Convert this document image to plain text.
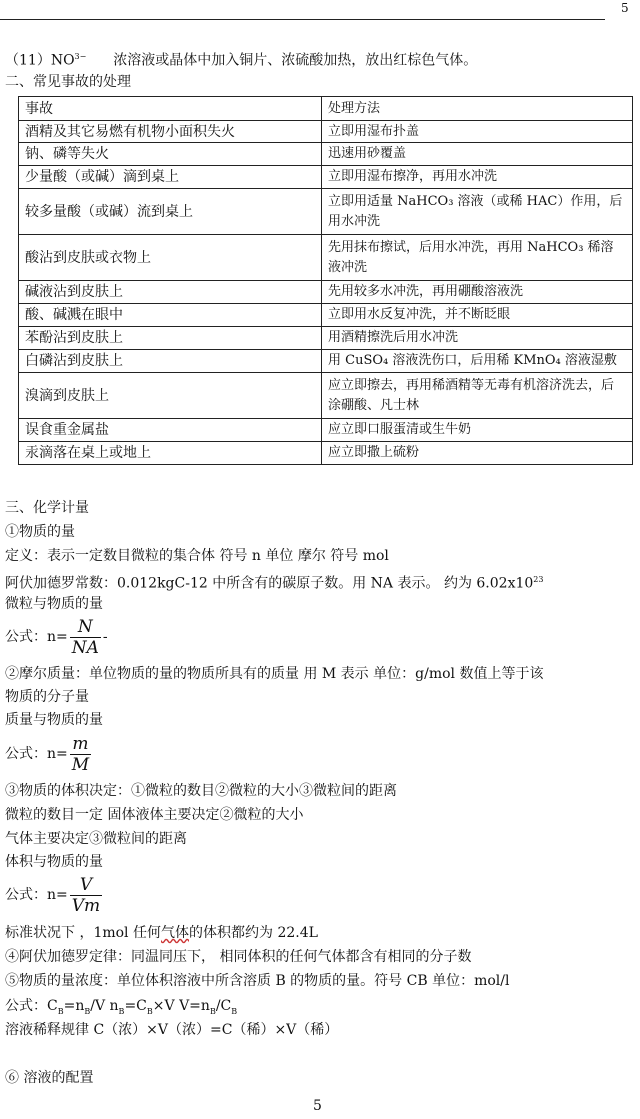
5
$(11)NO^{3-}$ 浓溶液或晶体中加入铜片、浓硫酸加热，放出红棕色气体。
二、常见事故的处理
事故	处理方法
酒精及其它易燃有机物小面积失火	立即用湿布扑盖
钠、磷等失火	迅速用砂覆盖
少量酸（或碱）滴到桌上	立即用湿布擦净，再用水冲洗
较多量酸（或碱）流到桌上	立即用适量 NaHCO₃ 溶液（或稀 HAC）作用，后用水冲洗
酸沾到皮肤或衣物上	先用抹布擦试，后用水冲洗，再用 NaHCO₃ 稀溶液冲洗
碱液沾到皮肤上	先用较多水冲洗，再用硼酸溶液洗
酸、碱溅在眼中	立即用水反复冲洗，并不断眨眼
苯酚沾到皮肤上	用酒精擦洗后用水冲洗
白磷沾到皮肤上	用 CuSO₄ 溶液洗伤口，后用稀 KMnO₄ 溶液湿敷
溴滴到皮肤上	应立即擦去，再用稀酒精等无毒有机溶济洗去，后涂硼酸、凡士林
误食重金属盐	应立即口服蛋清或生牛奶
汞滴落在桌上或地上	应立即撒上硫粉
三、化学计量
①物质的量
定义：表示一定数目微粒的集合体 符号 n 单位 摩尔 符号 mol
阿伏加德罗常数：0.012kgC-12 中所含有的碳原子数。用 NA 表示。 约为 $6.02x10^{23}$
微粒与物质的量
公式：$n= \frac{N}{NA}$ -
②摩尔质量：单位物质的量的物质所具有的质量 用 M 表示 单位：g/mol 数值上等于该
物质的分子量
质量与物质的量
公式：$n= \frac{m}{M}$
③物质的体积决定：①微粒的数目②微粒的大小③微粒间的距离
微粒的数目一定 固体液体主要决定②微粒的大小
气体主要决定③微粒间的距离
体积与物质的量
公式：$n= \frac{V}{Vm}$
标准状况下 ，1mol 任何气体的体积都约为 22.4L
④阿伏加德罗定律：同温同压下， 相同体积的任何气体都含有相同的分子数
⑤物质的量浓度：单位体积溶液中所含溶质 B 的物质的量。符号 CB 单位：mol/l
公式：$C_B=n_B/V$ $n_B=C_B\times V$ $V=n_B/C_B$
溶液稀释规律 C（浓）×V（浓）=C（稀）×V（稀）
⑥ 溶液的配置
5
